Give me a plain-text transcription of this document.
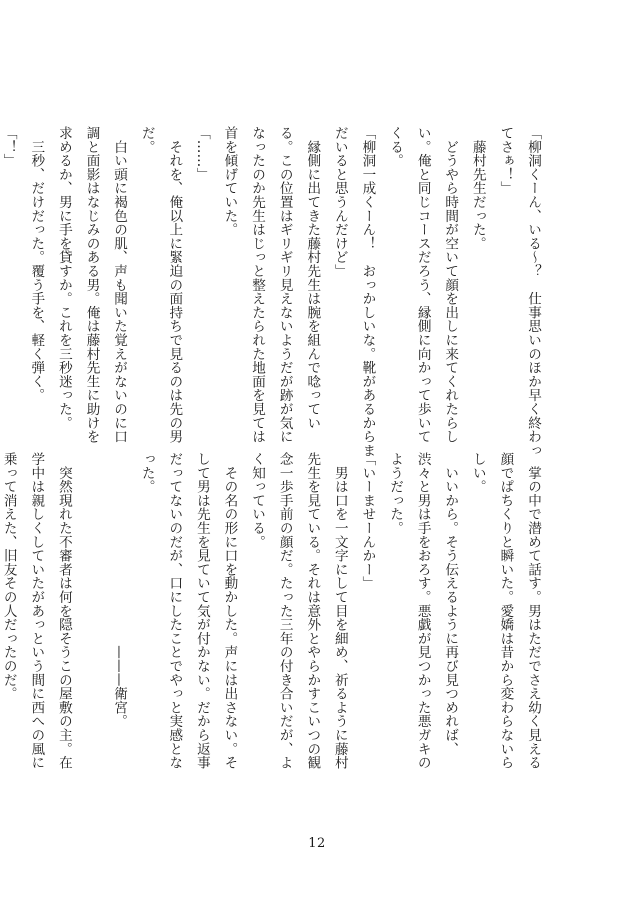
「柳洞くーん、いる〜？　仕事思いのほか早く終わっ
てさぁ！」
　藤村先生だった。
　どうやら時間が空いて顔を出しに来てくれたらし
い。俺と同じコースだろう、縁側に向かって歩いて
くる。
「柳洞一成くーん！　おっかしいな。靴があるからま
だいると思うんだけど」
　縁側に出てきた藤村先生は腕を組んで唸ってい
る。この位置はギリギリ見えないようだが跡が気に
なったのか先生はじっと整えたられた地面を見ては
首を傾げていた。
「……」
　それを、俺以上に緊迫の面持ちで見るのは先の男
だ。
　白い頭に褐色の肌、声も聞いた覚えがないのに口
調と面影はなじみのある男。俺は藤村先生に助けを
求めるか、男に手を貸すか。これを三秒迷った。
　三秒、だけだった。覆う手を、軽く弾く。
「！」
　掌の中で潜めて話す。男はただでさえ幼く見える
顔でぱちくりと瞬いた。愛嬌は昔から変わらないら
しい。
　いいから。そう伝えるように再び見つめれば、
渋々と男は手をおろす。悪戯が見つかった悪ガキの
ようだった。
「いーませーんかー」
　男は口を一文字にして目を細め、祈るように藤村
先生を見ている。それは意外とやらかすこいつの観
念一歩手前の顔だ。たった三年の付き合いだが、よ
く知っている。
　その名の形に口を動かした。声には出さない。そ
して男は先生を見ていて気が付かない。だから返事
だってないのだが、口にしたことでやっと実感とな
った。
　　　　　　　　　　　　　　———衛宮。

　突然現れた不審者は何を隠そうこの屋敷の主。在
学中は親しくしていたがあっという間に西への風に
乗って消えた、旧友その人だったのだ。
12
